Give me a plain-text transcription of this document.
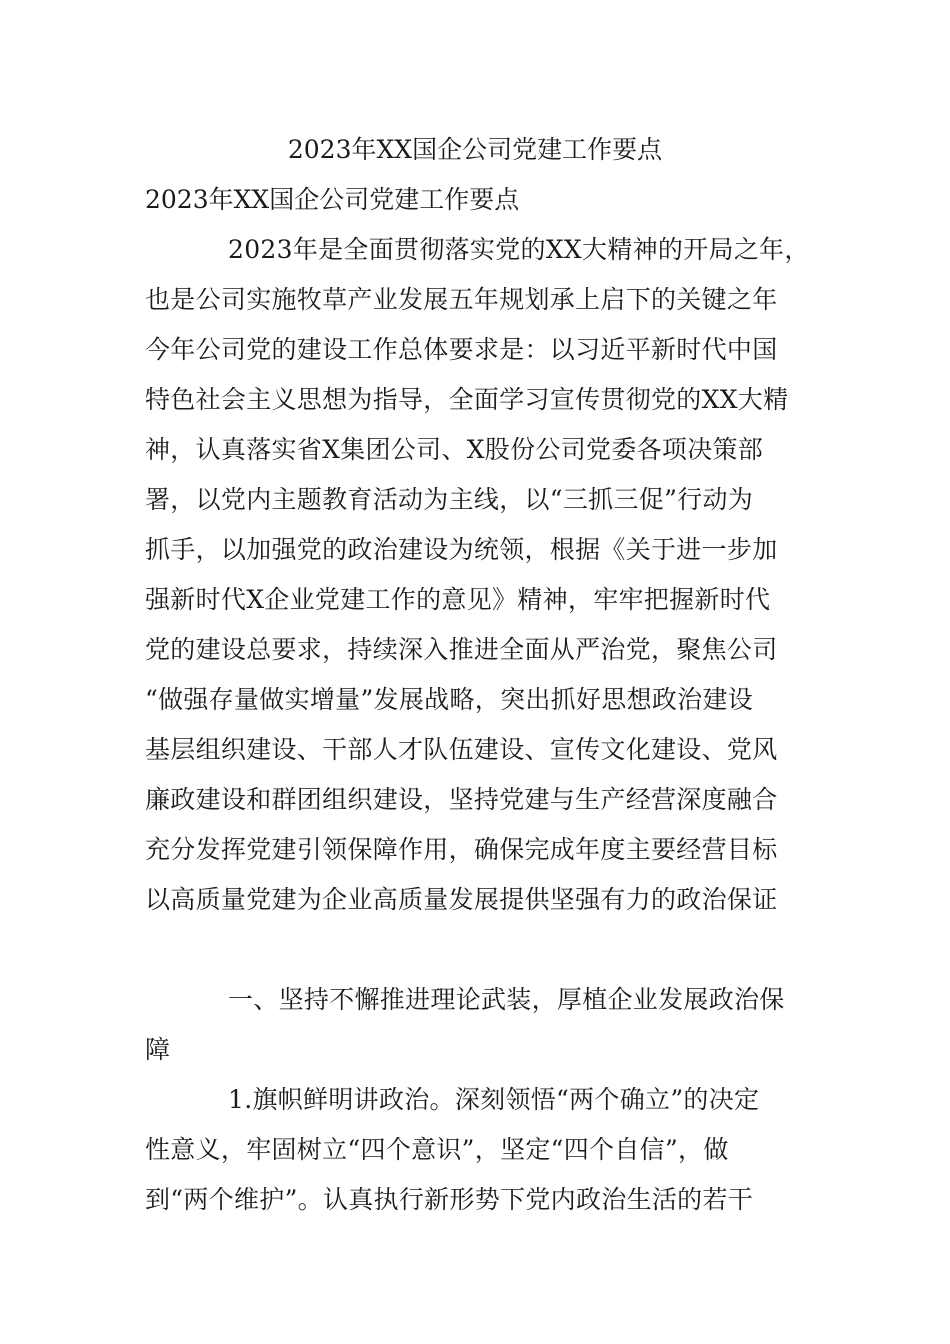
2023年XX国企公司党建工作要点
2023年XX国企公司党建工作要点
2023年是全面贯彻落实党的XX大精神的开局之年，
也是公司实施牧草产业发展五年规划承上启下的关键之年
今年公司党的建设工作总体要求是：以习近平新时代中国
特色社会主义思想为指导，全面学习宣传贯彻党的XX大精
神，认真落实省X集团公司、X股份公司党委各项决策部
署，以党内主题教育活动为主线，以“三抓三促”行动为
抓手，以加强党的政治建设为统领，根据《关于进一步加
强新时代X企业党建工作的意见》精神，牢牢把握新时代
党的建设总要求，持续深入推进全面从严治党，聚焦公司
“做强存量做实增量”发展战略，突出抓好思想政治建设
基层组织建设、干部人才队伍建设、宣传文化建设、党风
廉政建设和群团组织建设，坚持党建与生产经营深度融合
充分发挥党建引领保障作用，确保完成年度主要经营目标
以高质量党建为企业高质量发展提供坚强有力的政治保证
一、坚持不懈推进理论武装，厚植企业发展政治保
障
1.旗帜鲜明讲政治。深刻领悟“两个确立”的决定
性意义，牢固树立“四个意识”，坚定“四个自信”，做
到“两个维护”。认真执行新形势下党内政治生活的若干
